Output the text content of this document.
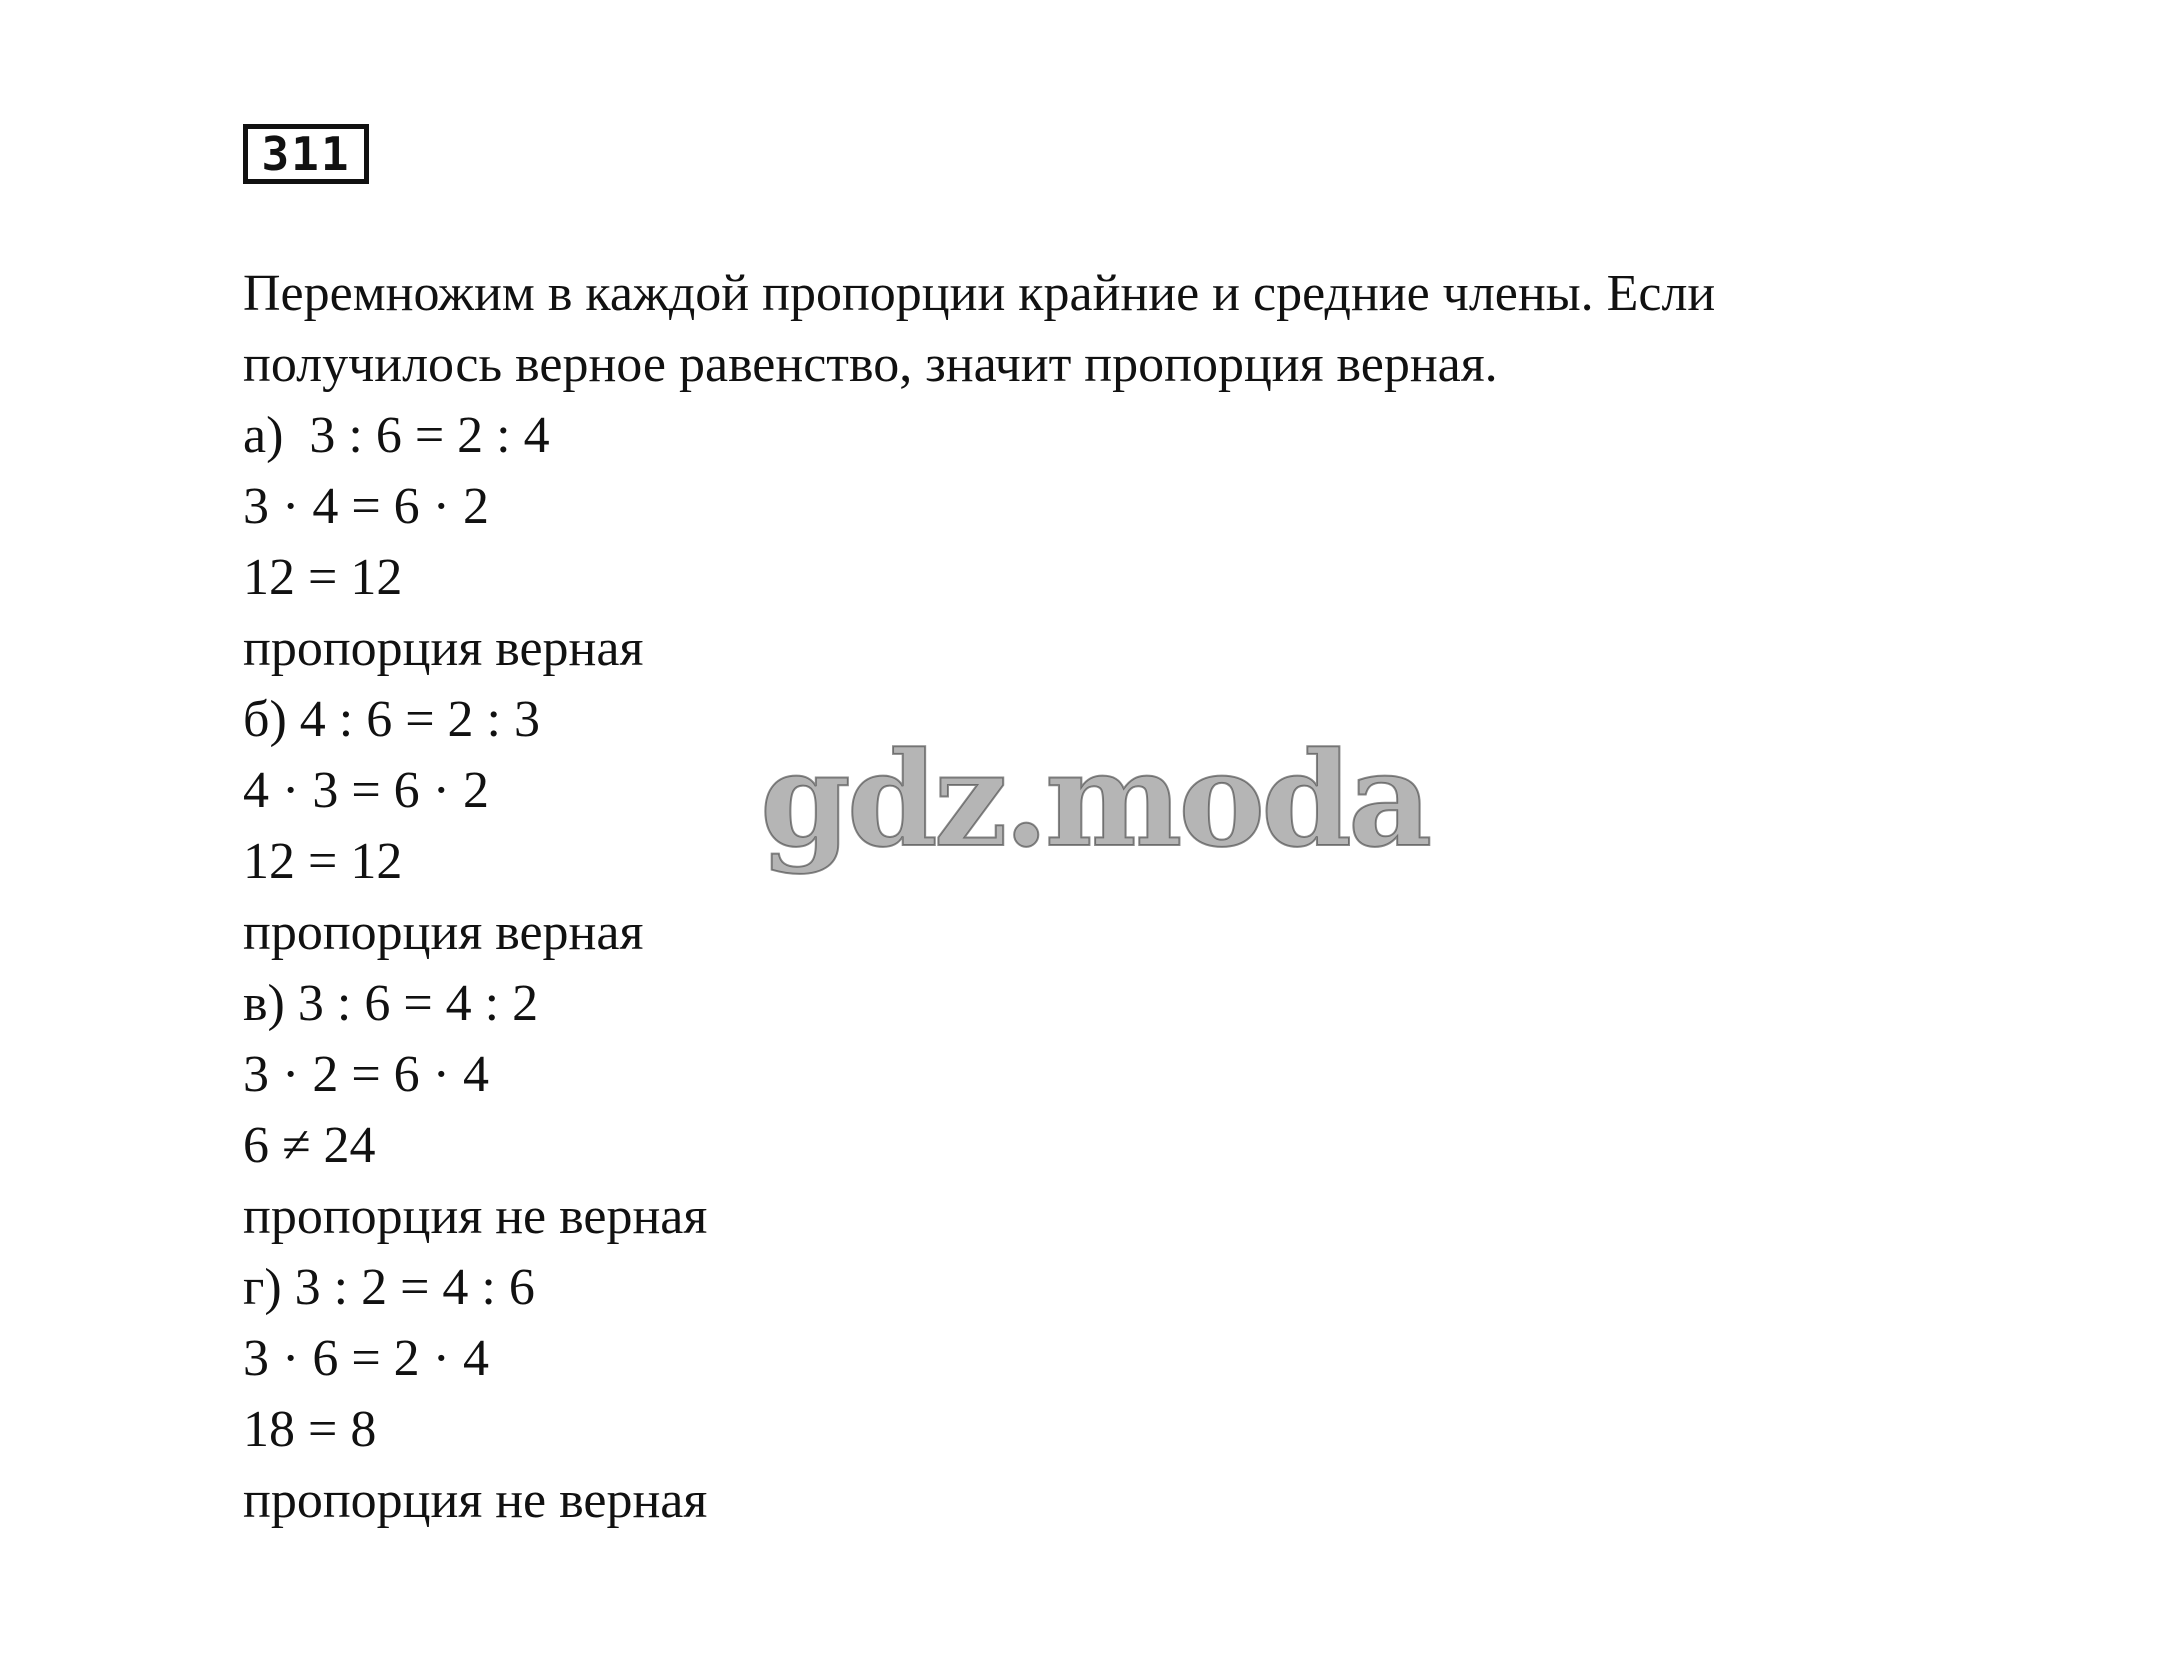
311
Перемножим в каждой пропорции крайние и средние члены. Если
получилось верное равенство, значит пропорция верная.
а)  3 : 6 = 2 : 4
3 · 4 = 6 · 2
12 = 12
пропорция верная
б) 4 : 6 = 2 : 3
4 · 3 = 6 · 2
12 = 12
пропорция верная
в) 3 : 6 = 4 : 2
3 · 2 = 6 · 4
6 ≠ 24
пропорция не верная
г) 3 : 2 = 4 : 6
3 · 6 = 2 · 4
18 = 8
пропорция не верная
gdz.moda
